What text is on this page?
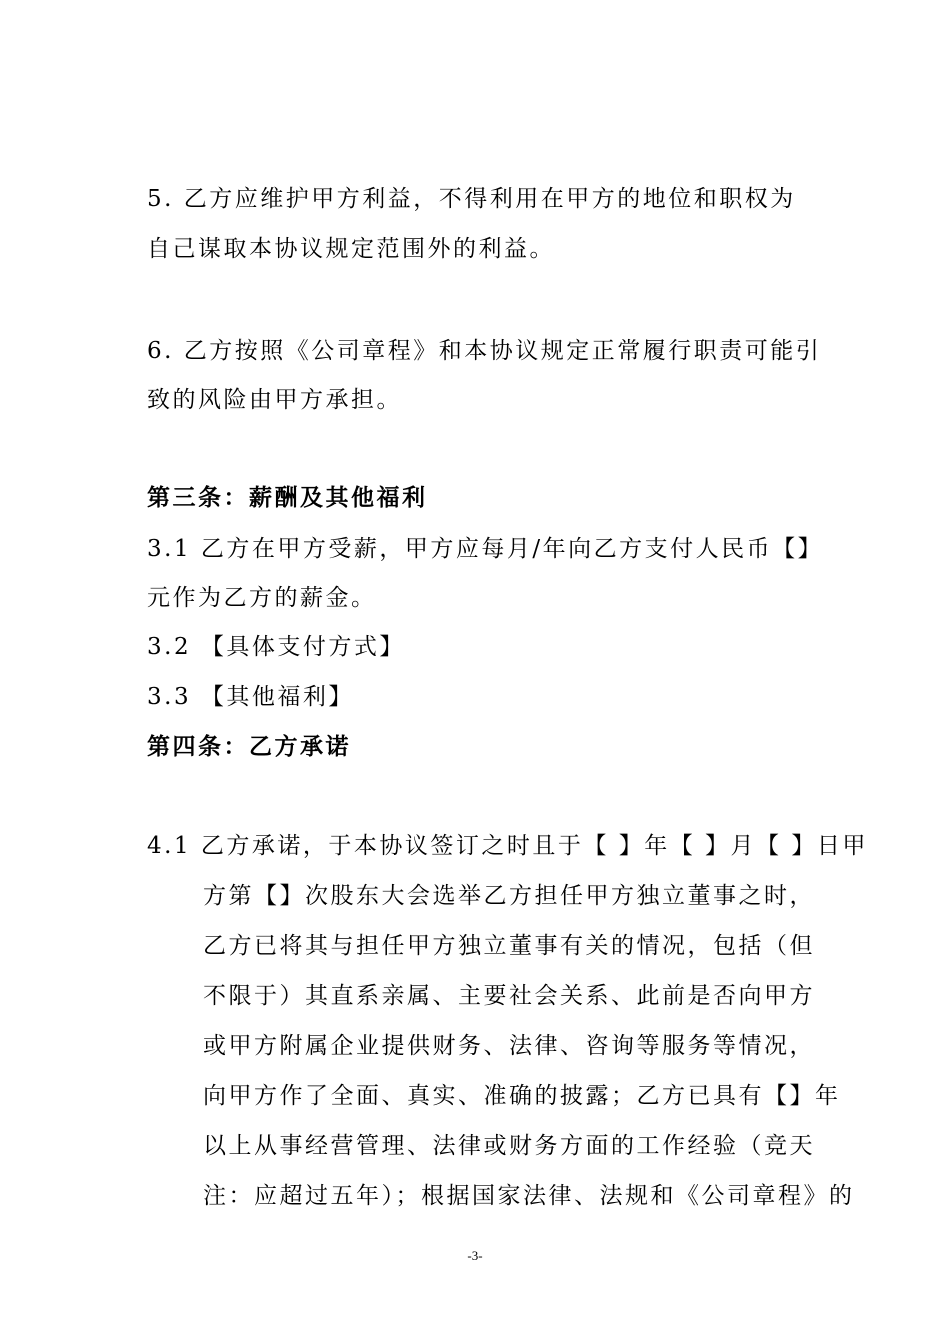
5. 乙方应维护甲方利益，不得利用在甲方的地位和职权为
自己谋取本协议规定范围外的利益。
6. 乙方按照《公司章程》和本协议规定正常履行职责可能引
致的风险由甲方承担。
第三条：薪酬及其他福利
3.1 乙方在甲方受薪，甲方应每月/年向乙方支付人民币【】
元作为乙方的薪金。
3.2 【具体支付方式】
3.3 【其他福利】
第四条：乙方承诺
4.1 乙方承诺，于本协议签订之时且于【 】年【 】月【 】日甲
方第【】次股东大会选举乙方担任甲方独立董事之时，
乙方已将其与担任甲方独立董事有关的情况，包括（但
不限于）其直系亲属、主要社会关系、此前是否向甲方
或甲方附属企业提供财务、法律、咨询等服务等情况，
向甲方作了全面、真实、准确的披露；乙方已具有【】年
以上从事经营管理、法律或财务方面的工作经验（竞天
注：应超过五年）；根据国家法律、法规和《公司章程》的
-3-
